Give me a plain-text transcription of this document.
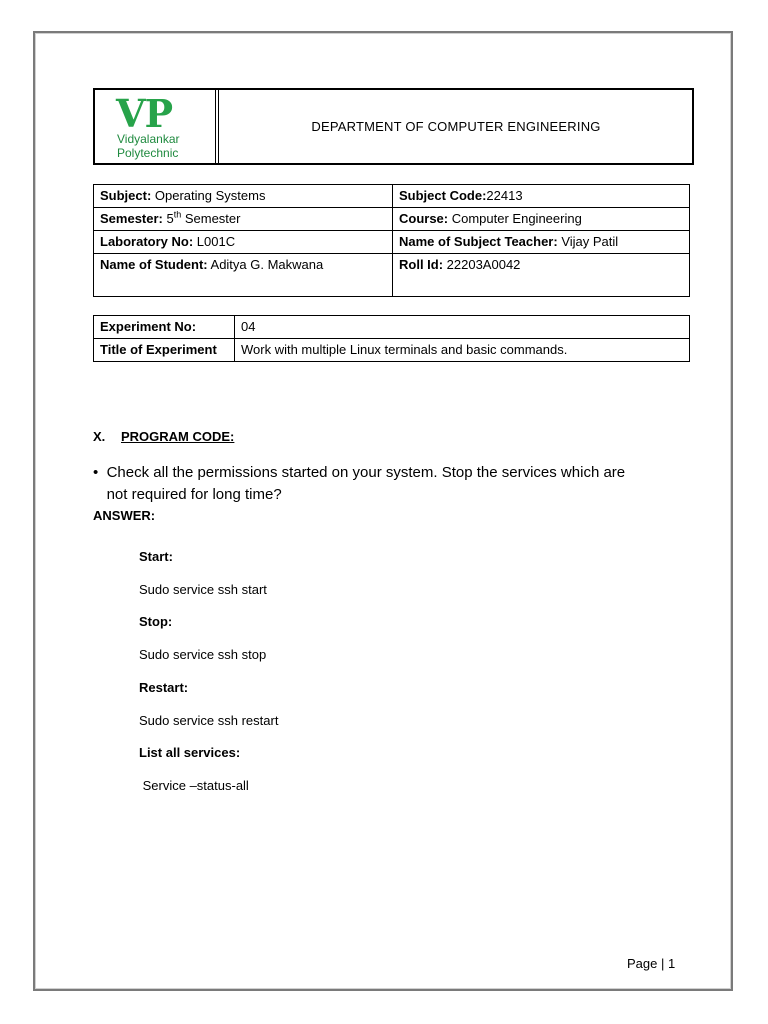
VP
Vidyalankar
Polytechnic
DEPARTMENT OF COMPUTER ENGINEERING
Subject: Operating Systems	Subject Code:22413
Semester: 5th Semester	Course: Computer Engineering
Laboratory No: L001C	Name of Subject Teacher: Vijay Patil
Name of Student: Aditya G. Makwana	Roll Id: 22203A0042
Experiment No:	04
Title of Experiment	Work with multiple Linux terminals and basic commands.
X. PROGRAM CODE:
• Check all the permissions started on your system. Stop the services which are not required for long time?
ANSWER:
Start:
Sudo service ssh start
Stop:
Sudo service ssh stop
Restart:
Sudo service ssh restart
List all services:
Service –status-all
Page | 1
